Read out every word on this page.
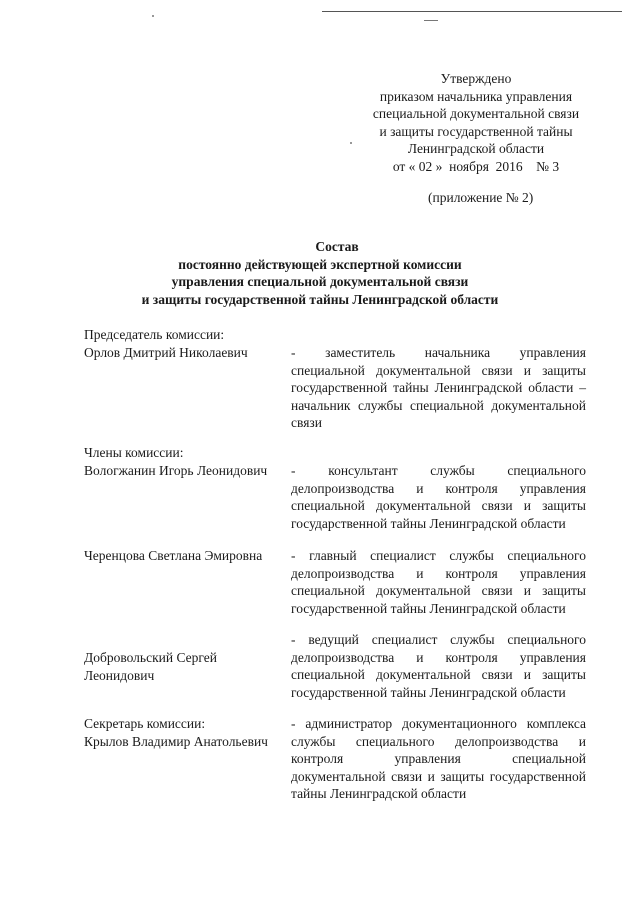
Утверждено
приказом начальника управления
специальной документальной связи
и защиты государственной тайны
Ленинградской области
от « 02 »  ноября  2016    № 3
(приложение № 2)
Состав
постоянно действующей экспертной комиссии
управления специальной документальной связи
и защиты государственной тайны Ленинградской области
Председатель комиссии:
Орлов Дмитрий Николаевич	-      заместитель      начальника      управления
специальной  документальной  связи  и  защиты
государственной тайны Ленинградской области –
начальник службы специальной документальной
связи
Члены комиссии:
Вологжанин Игорь Леонидович -      консультант      службы      специального
делопроизводства     и     контроля     управления
специальной  документальной  связи  и  защиты
государственной тайны Ленинградской области
Черенцова Светлана Эмировна -  главный  специалист  службы  специального
делопроизводства     и     контроля     управления
специальной  документальной  связи  и  защиты
государственной тайны Ленинградской области
Добровольский Сергей
Леонидович
-  ведущий  специалист  службы  специального
делопроизводства     и     контроля     управления
специальной  документальной  связи  и  защиты
государственной тайны Ленинградской области
Секретарь комиссии:
Крылов Владимир Анатольевич
-  администратор  документационного  комплекса
службы     специального     делопроизводства     и
контроля            управления            специальной
документальной связи и защиты государственной
тайны Ленинградской области
